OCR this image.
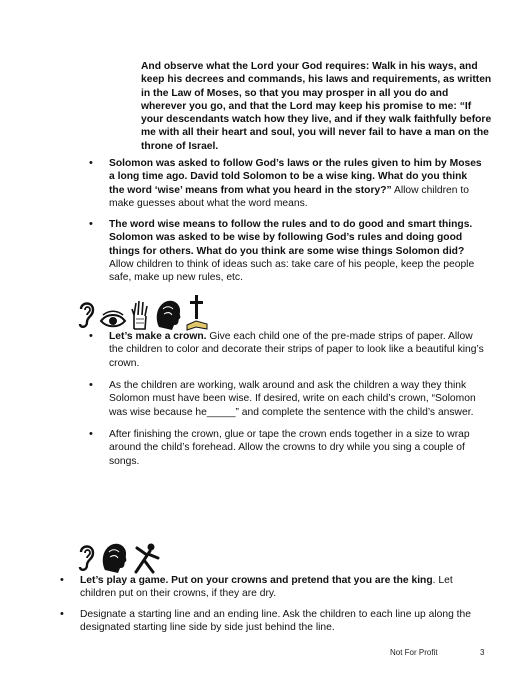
And observe what the Lord your God requires: Walk in his ways, and keep his decrees and commands, his laws and requirements, as written in the Law of Moses, so that you may prosper in all you do and wherever you go, and that the Lord may keep his promise to me: “If your descendants watch how they live, and if they walk faithfully before me with all their heart and soul, you will never fail to have a man on the throne of Israel.

• Solomon was asked to follow God’s laws or the rules given to him by Moses a long time ago. David told Solomon to be a wise king. What do you think the word ‘wise’ means from what you heard in the story?” Allow children to make guesses about what the word means.
• The word wise means to follow the rules and to do good and smart things. Solomon was asked to be wise by following God’s rules and doing good things for others. What do you think are some wise things Solomon did? Allow children to think of ideas such as: take care of his people, keep the people safe, make up new rules, etc.
• Let’s make a crown. Give each child one of the pre-made strips of paper. Allow the children to color and decorate their strips of paper to look like a beautiful king’s crown.
• As the children are working, walk around and ask the children a way they think Solomon must have been wise. If desired, write on each child’s crown, “Solomon was wise because he_____” and complete the sentence with the child’s answer.
• After finishing the crown, glue or tape the crown ends together in a size to wrap around the child’s forehead. Allow the crowns to dry while you sing a couple of songs.
• Let’s play a game. Put on your crowns and pretend that you are the king. Let children put on their crowns, if they are dry.
• Designate a starting line and an ending line. Ask the children to each line up along the designated starting line side by side just behind the line.
Not For Profit	3
